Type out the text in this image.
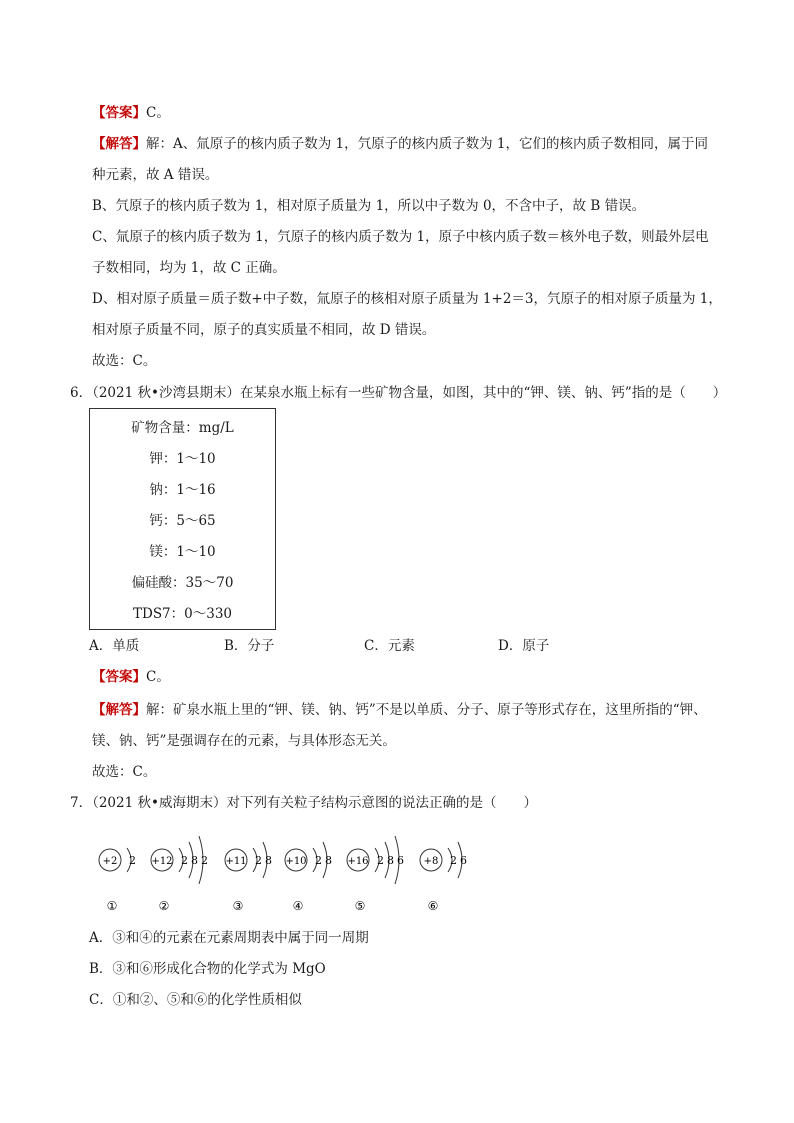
【答案】C。
【解答】解：A、氚原子的核内质子数为 1，氕原子的核内质子数为 1，它们的核内质子数相同，属于同
种元素，故 A 错误。
B、氕原子的核内质子数为 1，相对原子质量为 1，所以中子数为 0，不含中子，故 B 错误。
C、氚原子的核内质子数为 1，氕原子的核内质子数为 1，原子中核内质子数＝核外电子数，则最外层电
子数相同，均为 1，故 C 正确。
D、相对原子质量＝质子数+中子数，氚原子的核相对原子质量为 1+2＝3，氕原子的相对原子质量为 1，
相对原子质量不同，原子的真实质量不相同，故 D 错误。
故选：C。
6．（2021 秋•沙湾县期末）在某泉水瓶上标有一些矿物含量，如图，其中的“钾、镁、钠、钙”指的是（　　）
矿物含量：mg/L
钾：1～10
钠：1～16
钙：5～65
镁：1～10
偏硅酸：35～70
TDS7：0～330
A．单质	B．分子	C．元素	D．原子
【答案】C。
【解答】解：矿泉水瓶上里的“钾、镁、钠、钙”不是以单质、分子、原子等形式存在，这里所指的“钾、
镁、钠、钙”是强调存在的元素，与具体形态无关。
故选：C。
7．（2021 秋•威海期末）对下列有关粒子结构示意图的说法正确的是（　　）
+2 2
①
+12 2 8 2
②
+11 2 8
③
+10 2 8
④
+16 2 8 6
⑤
+8 2 6
⑥
A．③和④的元素在元素周期表中属于同一周期
B．③和⑥形成化合物的化学式为 MgO
C．①和②、⑤和⑥的化学性质相似
